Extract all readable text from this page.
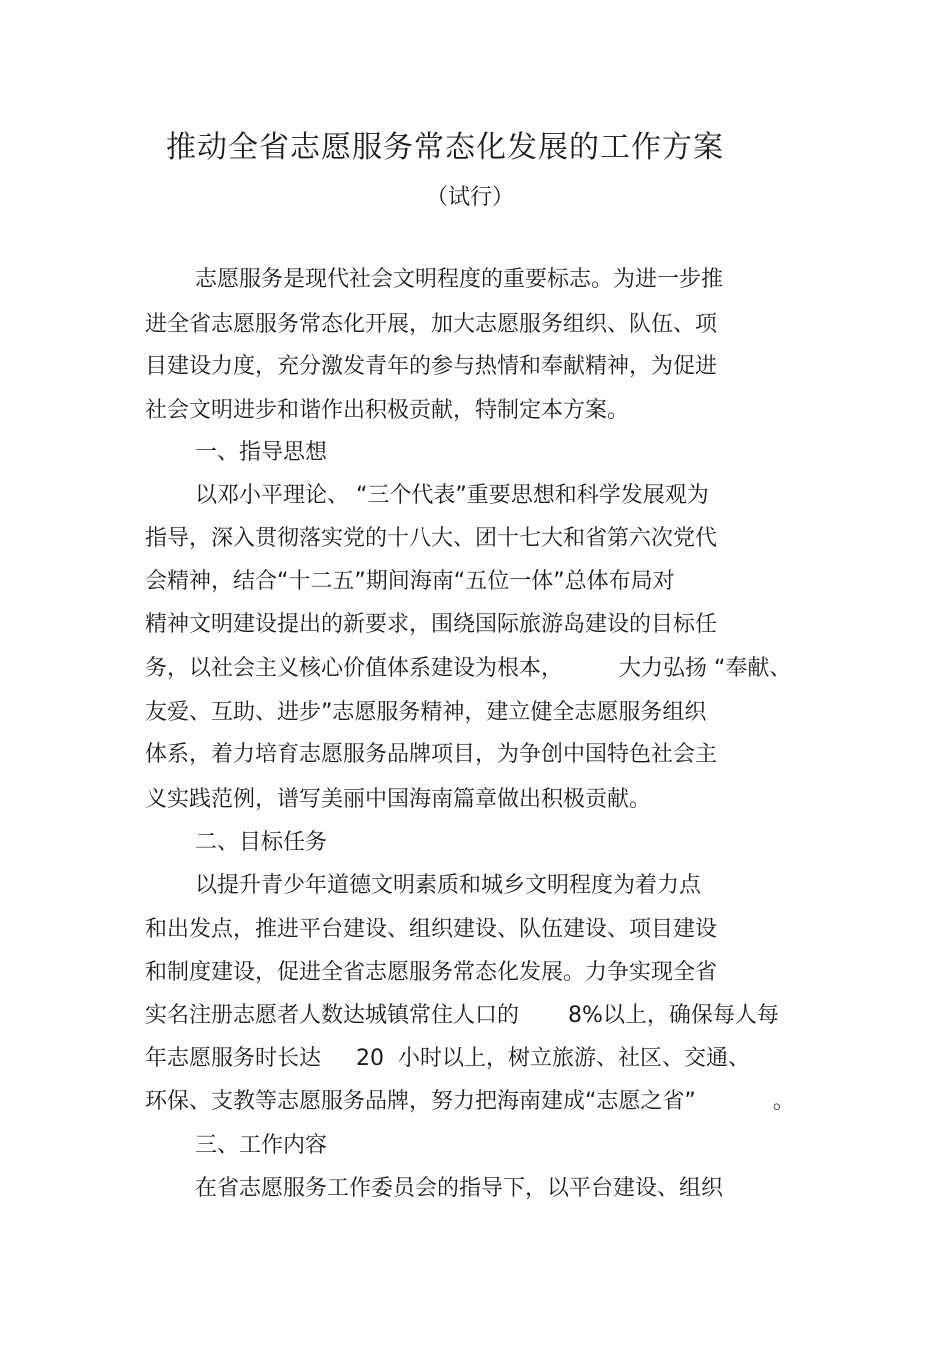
推动全省志愿服务常态化发展的工作方案
（试行）
志愿服务是现代社会文明程度的重要标志。为进一步推
进全省志愿服务常态化开展，加大志愿服务组织、队伍、项
目建设力度，充分激发青年的参与热情和奉献精神，为促进
社会文明进步和谐作出积极贡献，特制定本方案。
一、指导思想
以邓小平理论、 “三个代表”重要思想和科学发展观为
指导，深入贯彻落实党的十八大、团十七大和省第六次党代
会精神，结合“十二五”期间海南“五位一体”总体布局对
精神文明建设提出的新要求，围绕国际旅游岛建设的目标任
务，以社会主义核心价值体系建设为根本，        大力弘扬 “奉献、
友爱、互助、进步”志愿服务精神，建立健全志愿服务组织
体系，着力培育志愿服务品牌项目，为争创中国特色社会主
义实践范例，谱写美丽中国海南篇章做出积极贡献。
二、目标任务
以提升青少年道德文明素质和城乡文明程度为着力点
和出发点，推进平台建设、组织建设、队伍建设、项目建设
和制度建设，促进全省志愿服务常态化发展。力争实现全省
实名注册志愿者人数达城镇常住人口的       8%以上，确保每人每
年志愿服务时长达     20  小时以上，树立旅游、社区、交通、
环保、支教等志愿服务品牌，努力把海南建成“志愿之省”           。
三、工作内容
在省志愿服务工作委员会的指导下，以平台建设、组织
